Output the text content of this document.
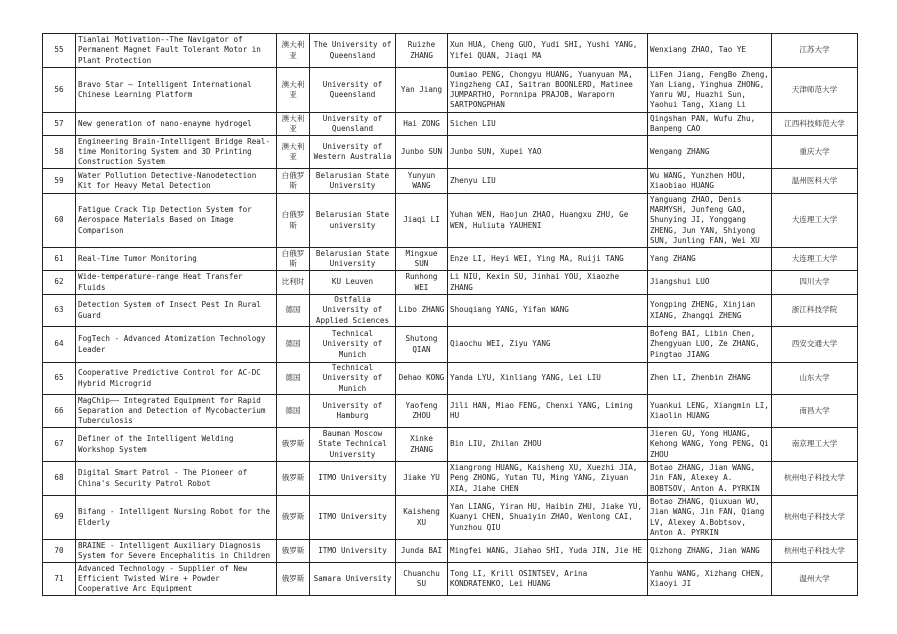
55	Tianlai Motivation--The Navigator of Permanent Magnet Fault Tolerant Motor in Plant Protection	澳大利亚	The University of Queensland	Ruizhe ZHANG	Xun HUA, Cheng GUO, Yudi SHI, Yushi YANG, Yifei QUAN, Jiaqi MA	Wenxiang ZHAO, Tao YE	江苏大学
56	Bravo Star — Intelligent International Chinese Learning Platform	澳大利亚	University of Queensland	Yan Jiang	Oumiao PENG, Chongyu HUANG, Yuanyuan MA, Yingzheng CAI, Saitran BOONLERD, Matinee JUMPARTHO, Pornnipa PRAJOB, Waraporn SARTPONGPHAN	LiFen Jiang, FengBo Zheng, Yan Liang, Yinghua ZHONG, Yanru WU, Huazhi Sun, Yaohui Tang, Xiang Li	天津师范大学
57	New generation of nano-enayme hydrogel	澳大利亚	University of Quensland	Hai ZONG	Sichen LIU	Qingshan PAN, Wufu Zhu, Banpeng CAO	江西科技师范大学
58	Engineering Brain-Intelligent Bridge Real-time Monitoring System and 3D Printing Construction System	澳大利亚	University of Western Australia	Junbo SUN	Junbo SUN, Xupei YAO	Wengang ZHANG	重庆大学
59	Water Pollution Detective-Nanodetection Kit for Heavy Metal Detection	白俄罗斯	Belarusian State University	Yunyun WANG	Zhenyu LIU	Wu WANG, Yunzhen HOU, Xiaobiao HUANG	温州医科大学
60	Fatigue Crack Tip Detection System for Aerospace Materials Based on Image Comparison	白俄罗斯	Belarusian State university	Jiaqi LI	Yuhan WEN, Haojun ZHAO, Huangxu ZHU, Ge WEN, Huliuta YAUHENI	Yanguang ZHAO, Denis MARMYSH, Junfeng GAO, Shunying JI, Yonggang ZHENG, Jun YAN, Shiyong SUN, Junling FAN, Wei XU	大连理工大学
61	Real-Time Tumor Monitoring	白俄罗斯	Belarusian State University	Mingxue SUN	Enze LI, Heyi WEI, Ying MA, Ruiji TANG	Yang ZHANG	大连理工大学
62	Wide-temperature-range Heat Transfer Fluids	比利时	KU Leuven	Runhong WEI	Li NIU, Kexin SU, Jinhai YOU, Xiaozhe ZHANG	Jiangshui LUO	四川大学
63	Detection System of Insect Pest In Rural Guard	德国	Ostfalia University of Applied Sciences	Libo ZHANG	Shouqiang YANG, Yifan WANG	Yongping ZHENG, Xinjian XIANG, Zhangqi ZHENG	浙江科技学院
64	FogTech - Advanced Atomization Technology Leader	德国	Technical University of Munich	Shutong QIAN	Qiaochu WEI, Ziyu YANG	Bofeng BAI, Libin Chen, Zhengyuan LUO, Ze ZHANG, Pingtao JIANG	西安交通大学
65	Cooperative Predictive Control for AC-DC Hybrid Microgrid	德国	Technical University of Munich	Dehao KONG	Yanda LYU, Xinliang YANG, Lei LIU	Zhen LI, Zhenbin ZHANG	山东大学
66	MagChip—— Integrated Equipment for Rapid Separation and Detection of Mycobacterium Tuberculosis	德国	University of Hamburg	Yaofeng ZHOU	Jili HAN, Miao FENG, Chenxi YANG, Liming HU	Yuankui LENG, Xiangmin LI, Xiaolin HUANG	南昌大学
67	Definer of the Intelligent Welding Workshop System	俄罗斯	Bauman Moscow State Technical University	Xinke ZHANG	Bin LIU, Zhilan ZHOU	Jieren GU, Yong HUANG, Kehong WANG, Yong PENG, Qi ZHOU	南京理工大学
68	Digital Smart Patrol - The Pioneer of China's Security Patrol Robot	俄罗斯	ITMO University	Jiake YU	Xiangrong HUANG, Kaisheng XU, Xuezhi JIA, Peng ZHONG, Yutan TU, Ming YANG, Ziyuan XIA, Jiahe CHEN	Botao ZHANG, Jian WANG, Jin FAN, Alexey A. BOBTSOV, Anton A. PYRKIN	杭州电子科技大学
69	Bifang - Intelligent Nursing Robot for the Elderly	俄罗斯	ITMO University	Kaisheng XU	Yan LIANG, Yiran HU, Haibin ZHU, Jiake YU, Kuanyi CHEN, Shuaiyin ZHAO, Wenlong CAI, Yunzhou QIU	Botao ZHANG, Qiuxuan WU, Jian WANG, Jin FAN, Qiang LV, Alexey A.Bobtsov, Anton A. PYRKIN	杭州电子科技大学
70	BRAINE - Intelligent Auxiliary Diagnosis System for Severe Encephalitis in Children	俄罗斯	ITMO University	Junda BAI	Mingfei WANG, Jiahao SHI, Yuda JIN, Jie HE	Qizhong ZHANG, Jian WANG	杭州电子科技大学
71	Advanced Technology - Supplier of New Efficient Twisted Wire + Powder Cooperative Arc Equipment	俄罗斯	Samara University	Chuanchu SU	Tong LI, Krill OSINTSEV, Arina KONDRATENKO, Lei HUANG	Yanhu WANG, Xizhang CHEN, Xiaoyi JI	温州大学
